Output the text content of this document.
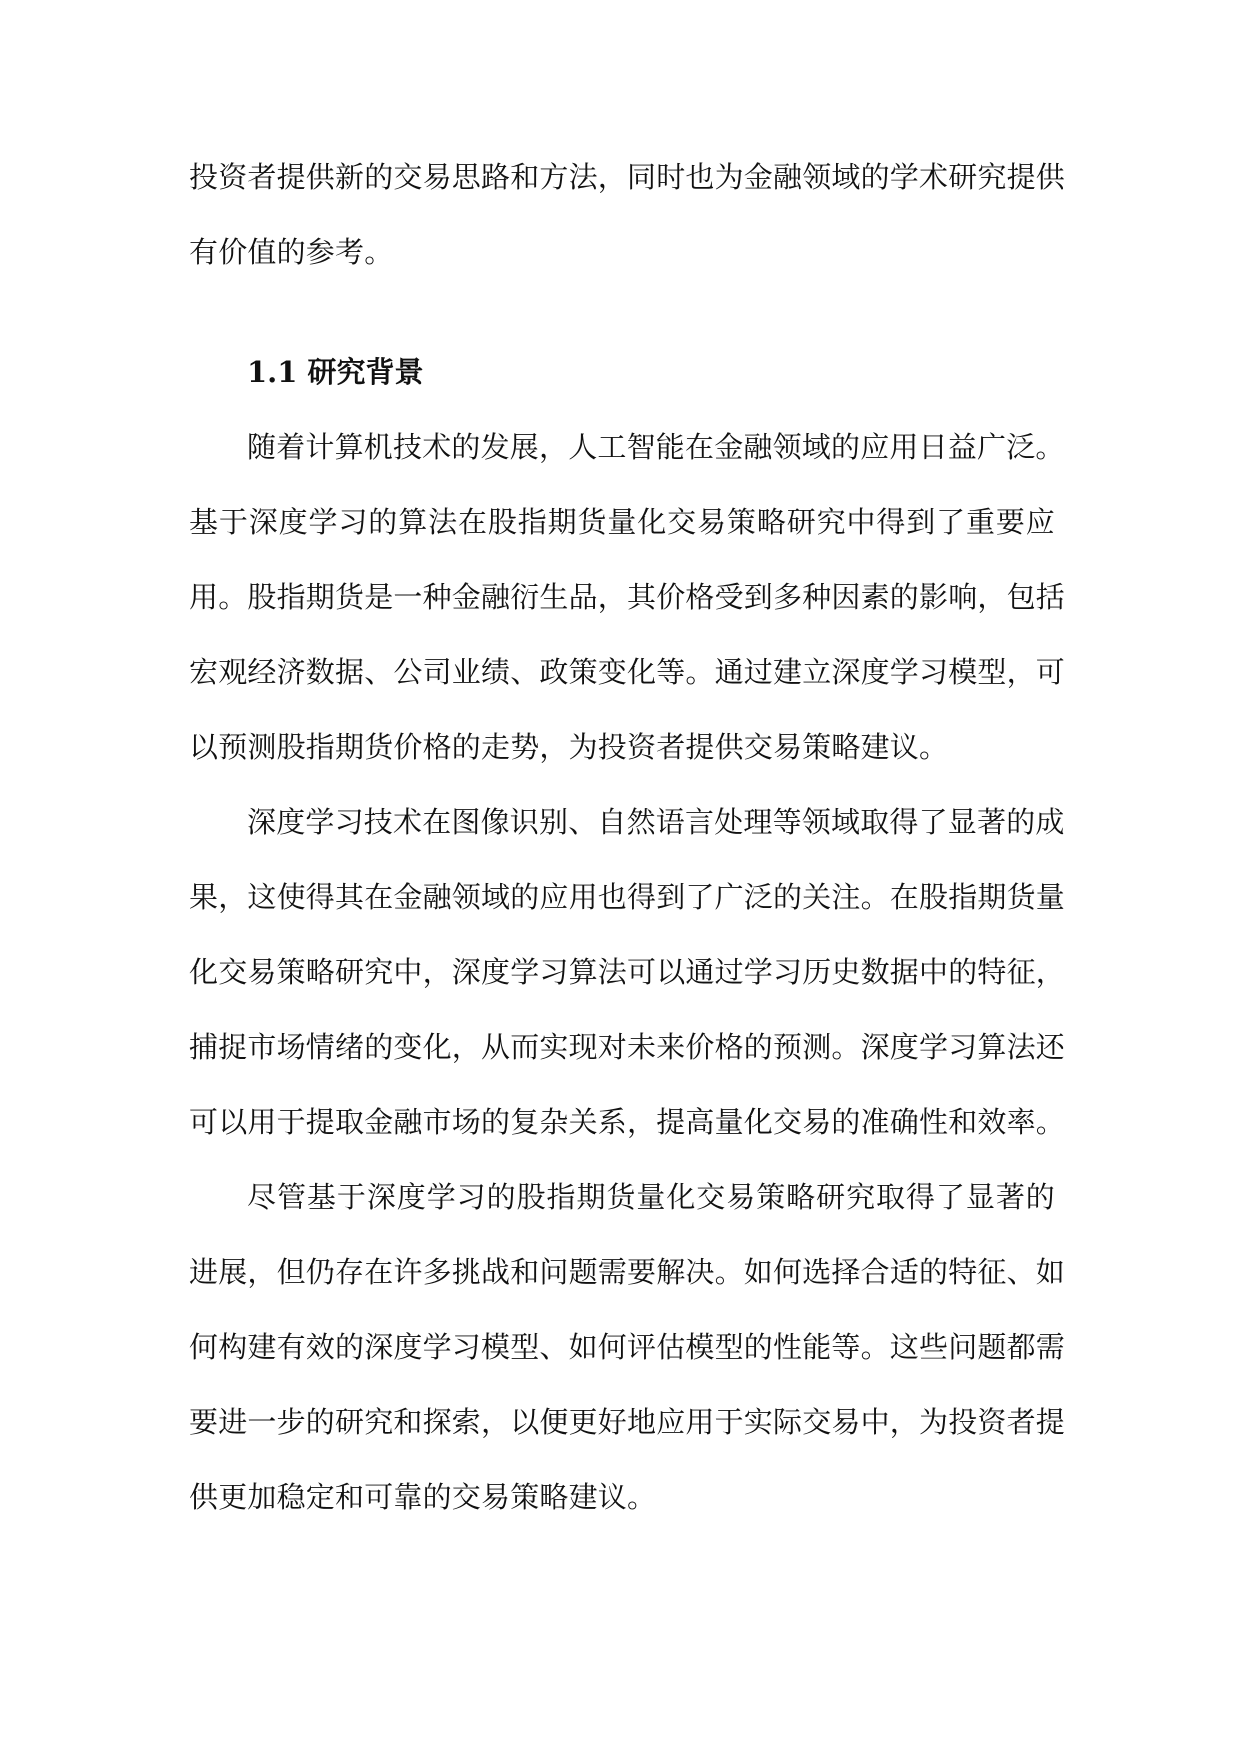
投资者提供新的交易思路和方法，同时也为金融领域的学术研究提供
有价值的参考。
1.1 研究背景
随着计算机技术的发展，人工智能在金融领域的应用日益广泛。
基于深度学习的算法在股指期货量化交易策略研究中得到了重要应
用。股指期货是一种金融衍生品，其价格受到多种因素的影响，包括
宏观经济数据、公司业绩、政策变化等。通过建立深度学习模型，可
以预测股指期货价格的走势，为投资者提供交易策略建议。
深度学习技术在图像识别、自然语言处理等领域取得了显著的成
果，这使得其在金融领域的应用也得到了广泛的关注。在股指期货量
化交易策略研究中，深度学习算法可以通过学习历史数据中的特征，
捕捉市场情绪的变化，从而实现对未来价格的预测。深度学习算法还
可以用于提取金融市场的复杂关系，提高量化交易的准确性和效率。
尽管基于深度学习的股指期货量化交易策略研究取得了显著的
进展，但仍存在许多挑战和问题需要解决。如何选择合适的特征、如
何构建有效的深度学习模型、如何评估模型的性能等。这些问题都需
要进一步的研究和探索，以便更好地应用于实际交易中，为投资者提
供更加稳定和可靠的交易策略建议。
